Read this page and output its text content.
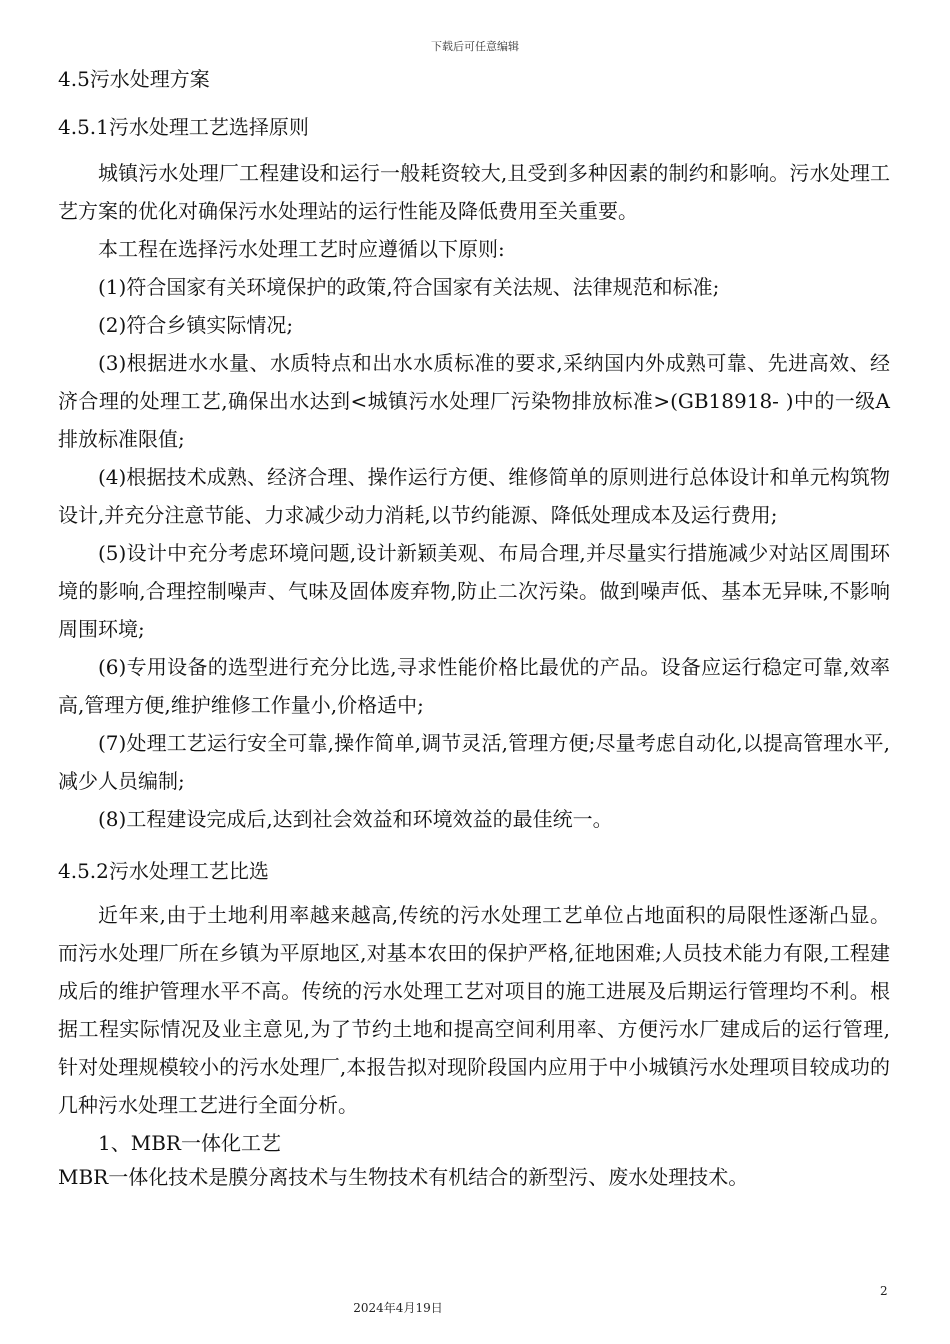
下载后可任意编辑

4.5污水处理方案

4.5.1污水处理工艺选择原则

城镇污水处理厂工程建设和运行一般耗资较大,且受到多种因素的制约和影响。污水处理工艺方案的优化对确保污水处理站的运行性能及降低费用至关重要。

本工程在选择污水处理工艺时应遵循以下原则:

(1)符合国家有关环境保护的政策,符合国家有关法规、法律规范和标准;

(2)符合乡镇实际情况;

(3)根据进水水量、水质特点和出水水质标准的要求,采纳国内外成熟可靠、先进高效、经济合理的处理工艺,确保出水达到<城镇污水处理厂污染物排放标准>(GB18918- )中的一级A排放标准限值;

(4)根据技术成熟、经济合理、操作运行方便、维修简单的原则进行总体设计和单元构筑物设计,并充分注意节能、力求减少动力消耗,以节约能源、降低处理成本及运行费用;

(5)设计中充分考虑环境问题,设计新颖美观、布局合理,并尽量实行措施减少对站区周围环境的影响,合理控制噪声、气味及固体废弃物,防止二次污染。做到噪声低、基本无异味,不影响周围环境;

(6)专用设备的选型进行充分比选,寻求性能价格比最优的产品。设备应运行稳定可靠,效率高,管理方便,维护维修工作量小,价格适中;

(7)处理工艺运行安全可靠,操作简单,调节灵活,管理方便;尽量考虑自动化,以提高管理水平,减少人员编制;

(8)工程建设完成后,达到社会效益和环境效益的最佳统一。

4.5.2污水处理工艺比选

近年来,由于土地利用率越来越高,传统的污水处理工艺单位占地面积的局限性逐渐凸显。而污水处理厂所在乡镇为平原地区,对基本农田的保护严格,征地困难;人员技术能力有限,工程建成后的维护管理水平不高。传统的污水处理工艺对项目的施工进展及后期运行管理均不利。根据工程实际情况及业主意见,为了节约土地和提高空间利用率、方便污水厂建成后的运行管理,针对处理规模较小的污水处理厂,本报告拟对现阶段国内应用于中小城镇污水处理项目较成功的几种污水处理工艺进行全面分析。

1、MBR一体化工艺

MBR一体化技术是膜分离技术与生物技术有机结合的新型污、废水处理技术。

2
2024年4月19日
